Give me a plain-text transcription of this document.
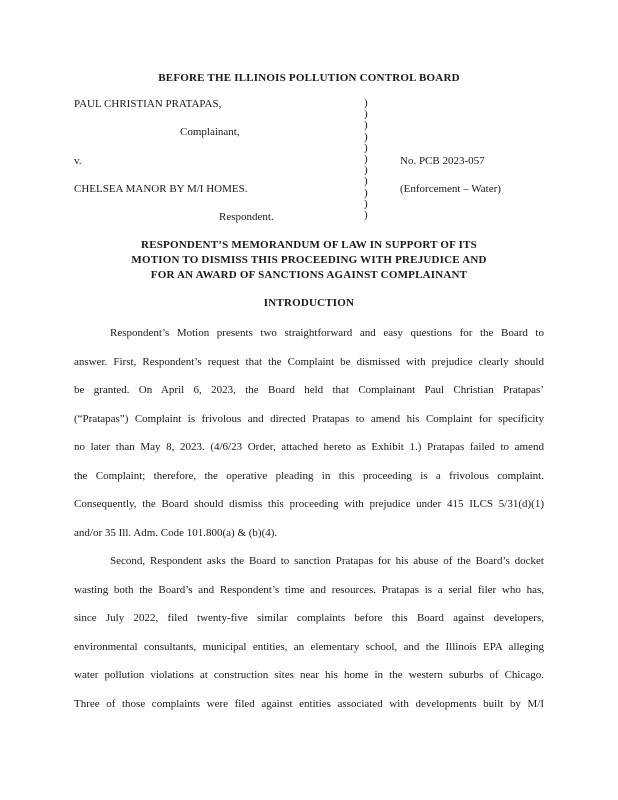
BEFORE THE ILLINOIS POLLUTION CONTROL BOARD
PAUL CHRISTIAN PRATAPAS,
Complainant,
v.
CHELSEA MANOR BY M/I HOMES.
Respondent.
)
)
)
)
)
)
)
)
)
)
)
No. PCB 2023-057
(Enforcement – Water)
RESPONDENT’S MEMORANDUM OF LAW IN SUPPORT OF ITS
MOTION TO DISMISS THIS PROCEEDING WITH PREJUDICE AND
FOR AN AWARD OF SANCTIONS AGAINST COMPLAINANT
INTRODUCTION
Respondent’s Motion presents two straightforward and easy questions for the Board to
answer. First, Respondent’s request that the Complaint be dismissed with prejudice clearly should
be granted. On April 6, 2023, the Board held that Complainant Paul Christian Pratapas’
(“Pratapas”) Complaint is frivolous and directed Pratapas to amend his Complaint for specificity
no later than May 8, 2023. (4/6/23 Order, attached hereto as Exhibit 1.) Pratapas failed to amend
the Complaint; therefore, the operative pleading in this proceeding is a frivolous complaint.
Consequently, the Board should dismiss this proceeding with prejudice under 415 ILCS 5/31(d)(1)
and/or 35 Ill. Adm. Code 101.800(a) & (b)(4).
Second, Respondent asks the Board to sanction Pratapas for his abuse of the Board’s docket
wasting both the Board’s and Respondent’s time and resources. Pratapas is a serial filer who has,
since July 2022, filed twenty-five similar complaints before this Board against developers,
environmental consultants, municipal entities, an elementary school, and the Illinois EPA alleging
water pollution violations at construction sites near his home in the western suburbs of Chicago.
Three of those complaints were filed against entities associated with developments built by M/I
